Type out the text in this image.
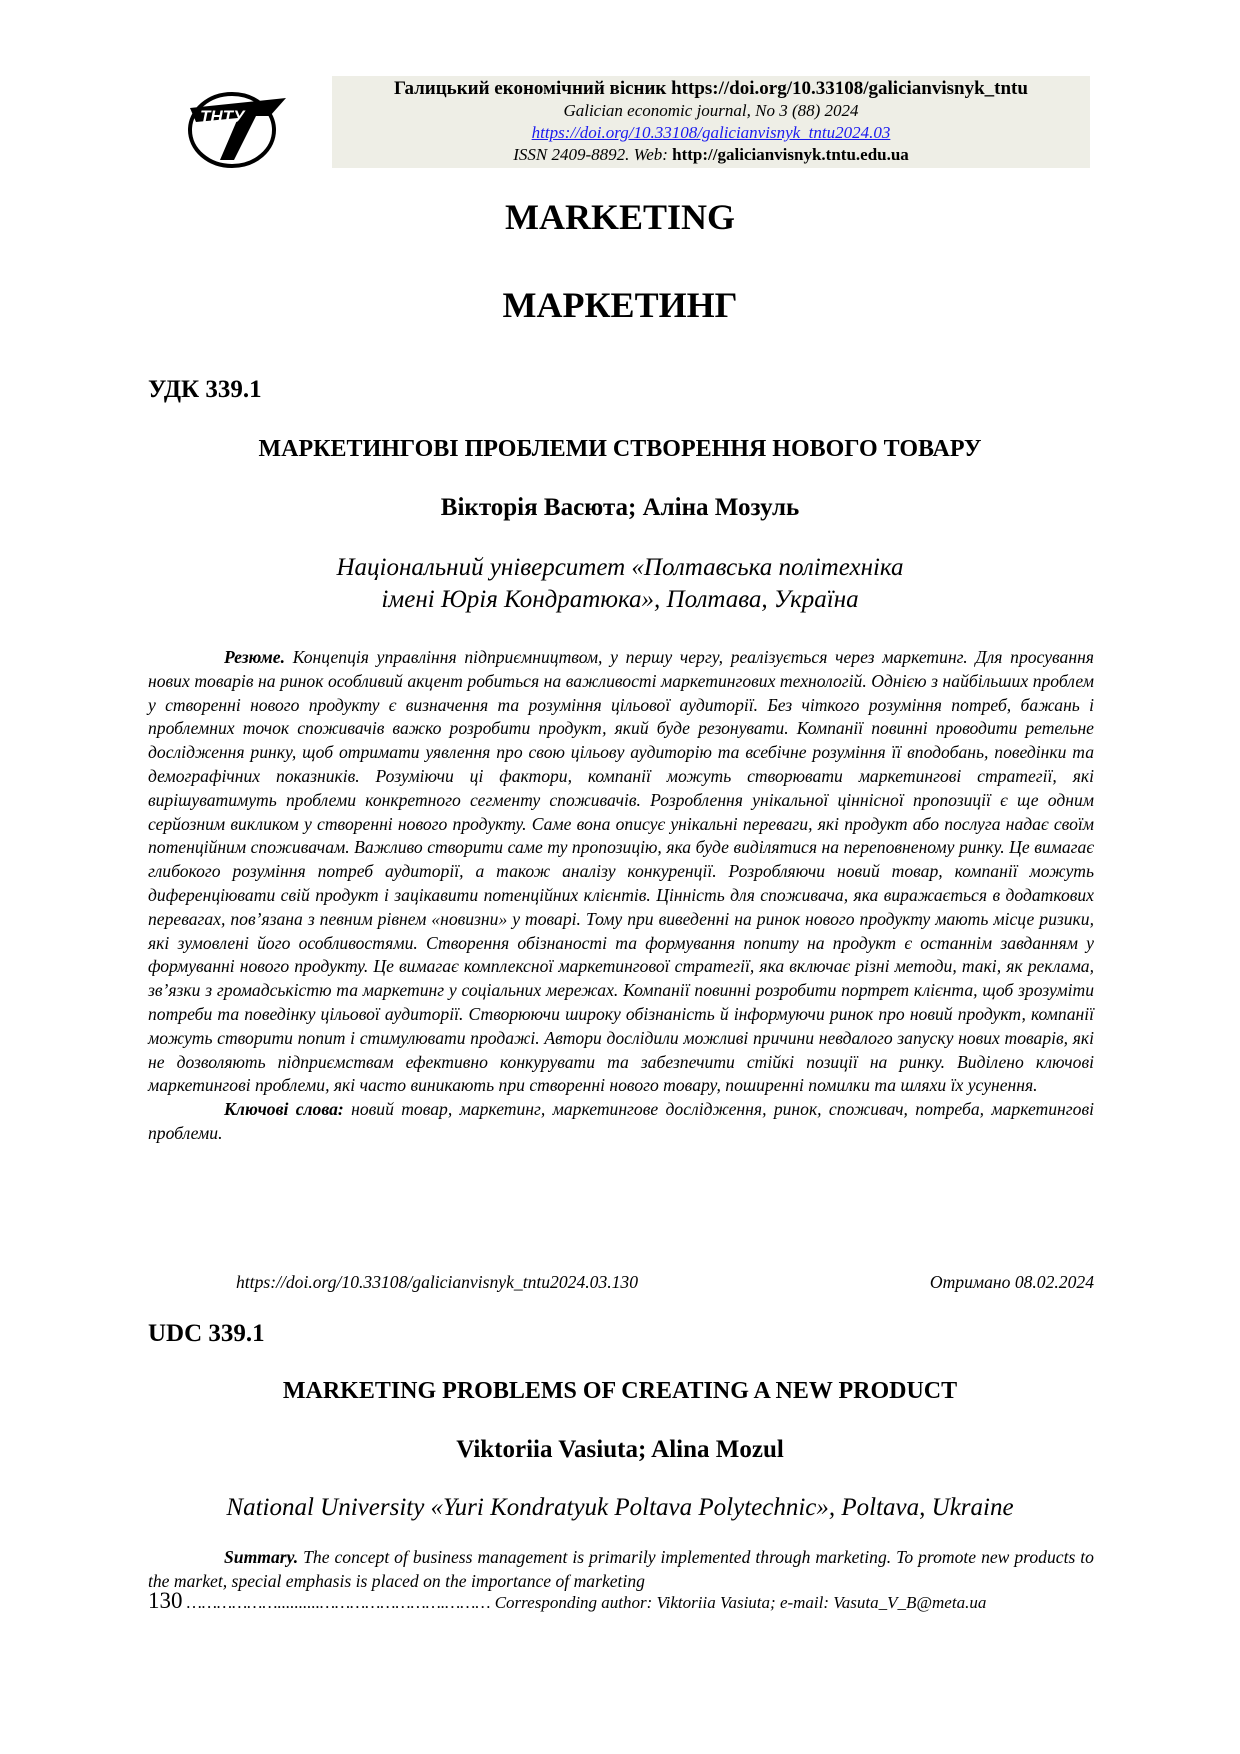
ТНТУ
Галицький економічний вісник https://doi.org/10.33108/galicianvisnyk_tntu
Galician economic journal, No 3 (88) 2024
https://doi.org/10.33108/galicianvisnyk_tntu2024.03
ISSN 2409-8892. Web: http://galicianvisnyk.tntu.edu.ua
MARKETING
МАРКЕТИНГ
УДК 339.1
МАРКЕТИНГОВІ ПРОБЛЕМИ СТВОРЕННЯ НОВОГО ТОВАРУ
Вікторія Васюта; Аліна Мозуль
Національний університет «Полтавська політехніка
імені Юрія Кондратюка», Полтава, Україна

Резюме. Концепція управління підприємництвом, у першу чергу, реалізується через маркетинг. Для просування нових товарів на ринок особливий акцент робиться на важливості маркетингових технологій. Однією з найбільших проблем у створенні нового продукту є визначення та розуміння цільової аудиторії. Без чіткого розуміння потреб, бажань і проблемних точок споживачів важко розробити продукт, який буде резонувати. Компанії повинні проводити ретельне дослідження ринку, щоб отримати уявлення про свою цільову аудиторію та всебічне розуміння її вподобань, поведінки та демографічних показників. Розуміючи ці фактори, компанії можуть створювати маркетингові стратегії, які вирішуватимуть проблеми конкретного сегменту споживачів. Розроблення унікальної ціннісної пропозиції є ще одним серйозним викликом у створенні нового продукту. Саме вона описує унікальні переваги, які продукт або послуга надає своїм потенційним споживачам. Важливо створити саме ту пропозицію, яка буде виділятися на переповненому ринку. Це вимагає глибокого розуміння потреб аудиторії, а також аналізу конкуренції. Розробляючи новий товар, компанії можуть диференціювати свій продукт і зацікавити потенційних клієнтів. Цінність для споживача, яка виражається в додаткових перевагах, пов’язана з певним рівнем «новизни» у товарі. Тому при виведенні на ринок нового продукту мають місце ризики, які зумовлені його особливостями. Створення обізнаності та формування попиту на продукт є останнім завданням у формуванні нового продукту. Це вимагає комплексної маркетингової стратегії, яка включає різні методи, такі, як реклама, зв’язки з громадськістю та маркетинг у соціальних мережах. Компанії повинні розробити портрет клієнта, щоб зрозуміти потреби та поведінку цільової аудиторії. Створюючи широку обізнаність й інформуючи ринок про новий продукт, компанії можуть створити попит і стимулювати продажі. Автори дослідили можливі причини невдалого запуску нових товарів, які не дозволяють підприємствам ефективно конкурувати та забезпечити стійкі позиції на ринку. Виділено ключові маркетингові проблеми, які часто виникають при створенні нового товару, поширенні помилки та шляхи їх усунення.

Ключові слова: новий товар, маркетинг, маркетингове дослідження, ринок, споживач, потреба, маркетингові проблеми.

https://doi.org/10.33108/galicianvisnyk_tntu2024.03.130	Отримано 08.02.2024
UDC 339.1
MARKETING PROBLEMS OF CREATING A NEW PRODUCT
Viktoriia Vasiuta; Alina Mozul
National University «Yuri Kondratyuk Poltava Polytechnic», Poltava, Ukraine

Summary. The concept of business management is primarily implemented through marketing. To promote new products to the market, special emphasis is placed on the importance of marketing

130 ………………..........…………………….……… Corresponding author: Viktoriia Vasiuta; e-mail: Vasuta_V_B@meta.ua
